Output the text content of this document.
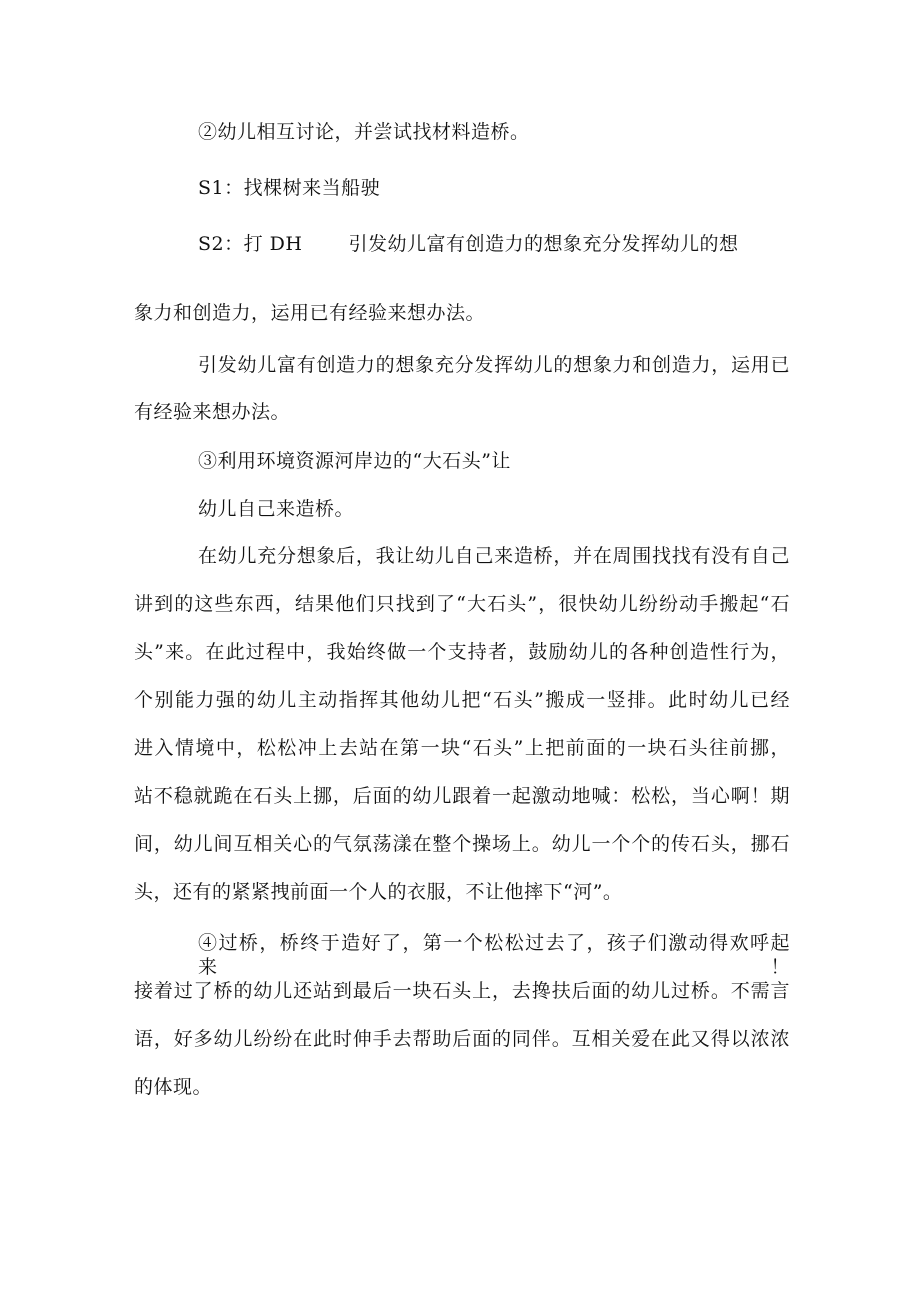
②幼儿相互讨论，并尝试找材料造桥。
S1：找棵树来当船驶
S2：打 DH 引发幼儿富有创造力的想象充分发挥幼儿的想
象力和创造力，运用已有经验来想办法。
引发幼儿富有创造力的想象充分发挥幼儿的想象力和创造力，运用已
有经验来想办法。
③利用环境资源河岸边的“大石头”让
幼儿自己来造桥。
在幼儿充分想象后，我让幼儿自己来造桥，并在周围找找有没有自己
讲到的这些东西，结果他们只找到了“大石头”，很快幼儿纷纷动手搬起“石
头”来。在此过程中，我始终做一个支持者，鼓励幼儿的各种创造性行为，
个别能力强的幼儿主动指挥其他幼儿把“石头”搬成一竖排。此时幼儿已经
进入情境中，松松冲上去站在第一块“石头”上把前面的一块石头往前挪，
站不稳就跪在石头上挪，后面的幼儿跟着一起激动地喊：松松，当心啊！期
间，幼儿间互相关心的气氛荡漾在整个操场上。幼儿一个个的传石头，挪石
头，还有的紧紧拽前面一个人的衣服，不让他摔下“河”。
④过桥，桥终于造好了，第一个松松过去了，孩子们激动得欢呼起来！
接着过了桥的幼儿还站到最后一块石头上，去搀扶后面的幼儿过桥。不需言
语，好多幼儿纷纷在此时伸手去帮助后面的同伴。互相关爱在此又得以浓浓
的体现。
